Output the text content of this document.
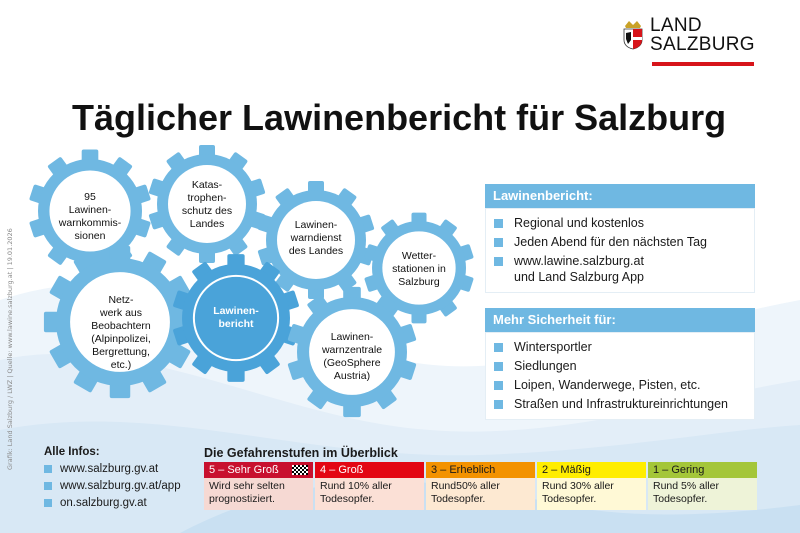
Grafik: Land Salzburg / LWZ | Quelle: www.lawine.salzburg.at | 19.01.2026
LAND
SALZBURG
Täglicher Lawinenbericht für Salzburg
95
Lawinen-
warnkommis-
sionen
Katas-
trophen-
schutz des
Landes	Lawinen-
warndienst
des Landes	Wetter-
stationen in
Salzburg
Netz-
werk aus
Beobachtern
(Alpinpolizei,
Bergrettung,
etc.)
Lawinen-
bericht
Lawinen-
warnzentrale
(GeoSphere
Austria)
Lawinenbericht:
Regional und kostenlos
Jeden Abend für den nächsten Tag
www.lawine.salzburg.at
und Land Salzburg App
Mehr Sicherheit für:
Wintersportler
Siedlungen
Loipen, Wanderwege, Pisten, etc.
Straßen und Infrastruktureinrichtungen
Alle Infos:
www.salzburg.gv.at
www.salzburg.gv.at/app
on.salzburg.gv.at
Die Gefahrenstufen im Überblick
5 – Sehr Groß
Wird sehr selten
prognostiziert.
4 – Groß
Rund 10% aller
Todesopfer.
3 – Erheblich
Rund50% aller
Todesopfer.
2 – Mäßig
Rund 30% aller
Todesopfer.
1 – Gering
Rund 5% aller
Todesopfer.
